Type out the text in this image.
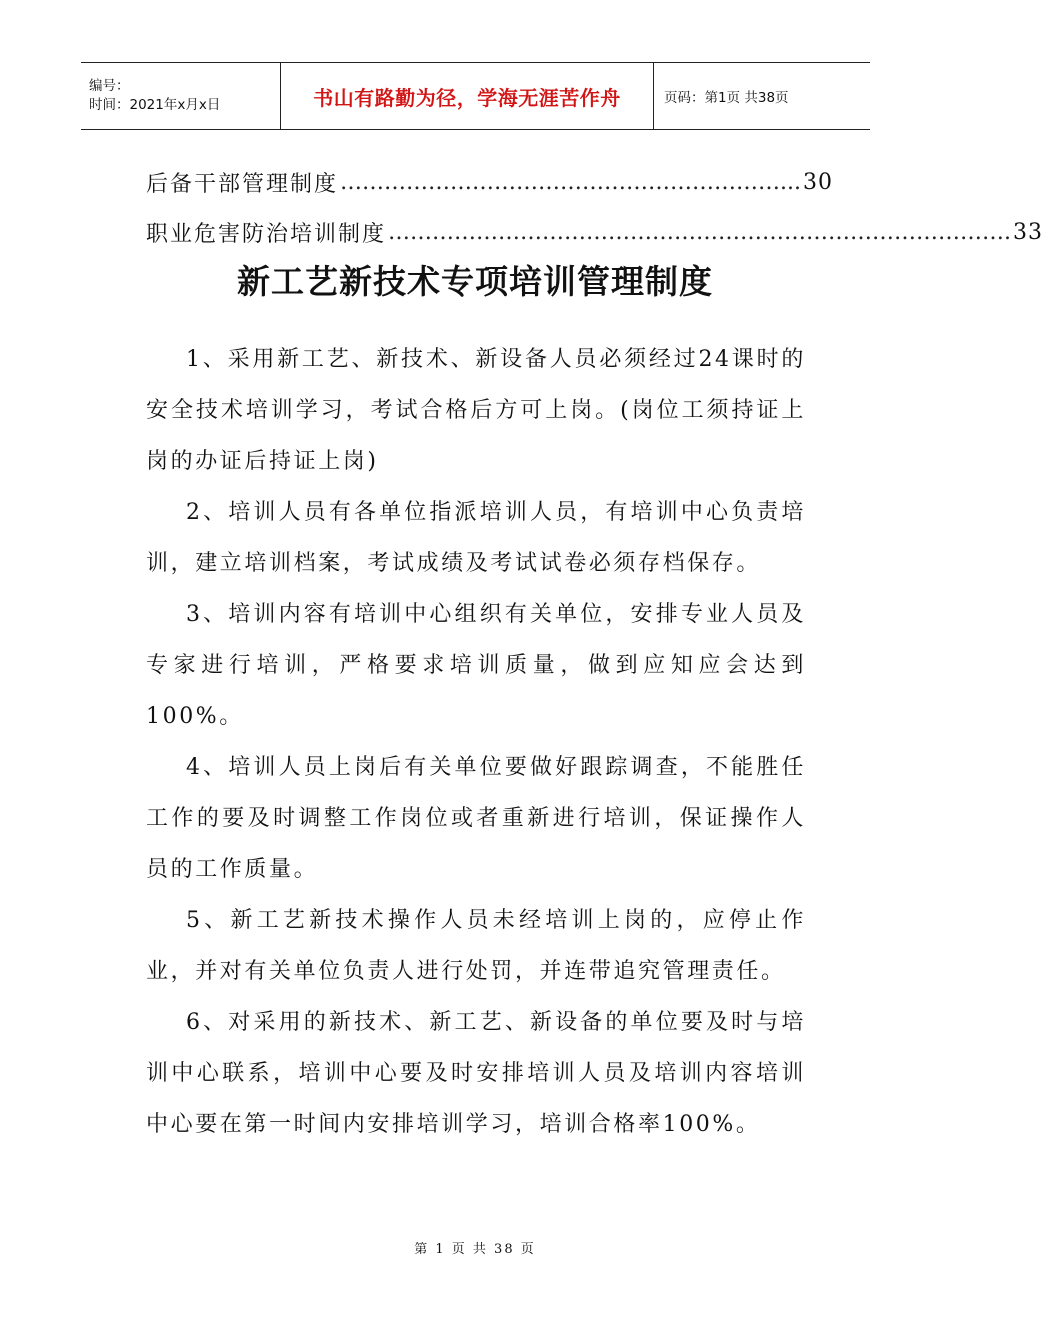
编号：
时间：2021年x月x日	书山有路勤为径，学海无涯苦作舟	页码：第1页 共38页
后备干部管理制度 ……………………………………………………... 30
职业危害防治培训制度 …………………………………………………………………………. 33
新工艺新技术专项培训管理制度

1、采用新工艺、新技术、新设备人员必须经过24课时的安全技术培训学习，考试合格后方可上岗。(岗位工须持证上岗的办证后持证上岗)

2、培训人员有各单位指派培训人员，有培训中心负责培训，建立培训档案，考试成绩及考试试卷必须存档保存。

3、培训内容有培训中心组织有关单位，安排专业人员及专家进行培训，严格要求培训质量，做到应知应会达到100%。

4、培训人员上岗后有关单位要做好跟踪调查，不能胜任工作的要及时调整工作岗位或者重新进行培训，保证操作人员的工作质量。

5、新工艺新技术操作人员未经培训上岗的，应停止作业，并对有关单位负责人进行处罚，并连带追究管理责任。

6、对采用的新技术、新工艺、新设备的单位要及时与培训中心联系，培训中心要及时安排培训人员及培训内容培训中心要在第一时间内安排培训学习，培训合格率100%。

第 1 页 共 38 页
